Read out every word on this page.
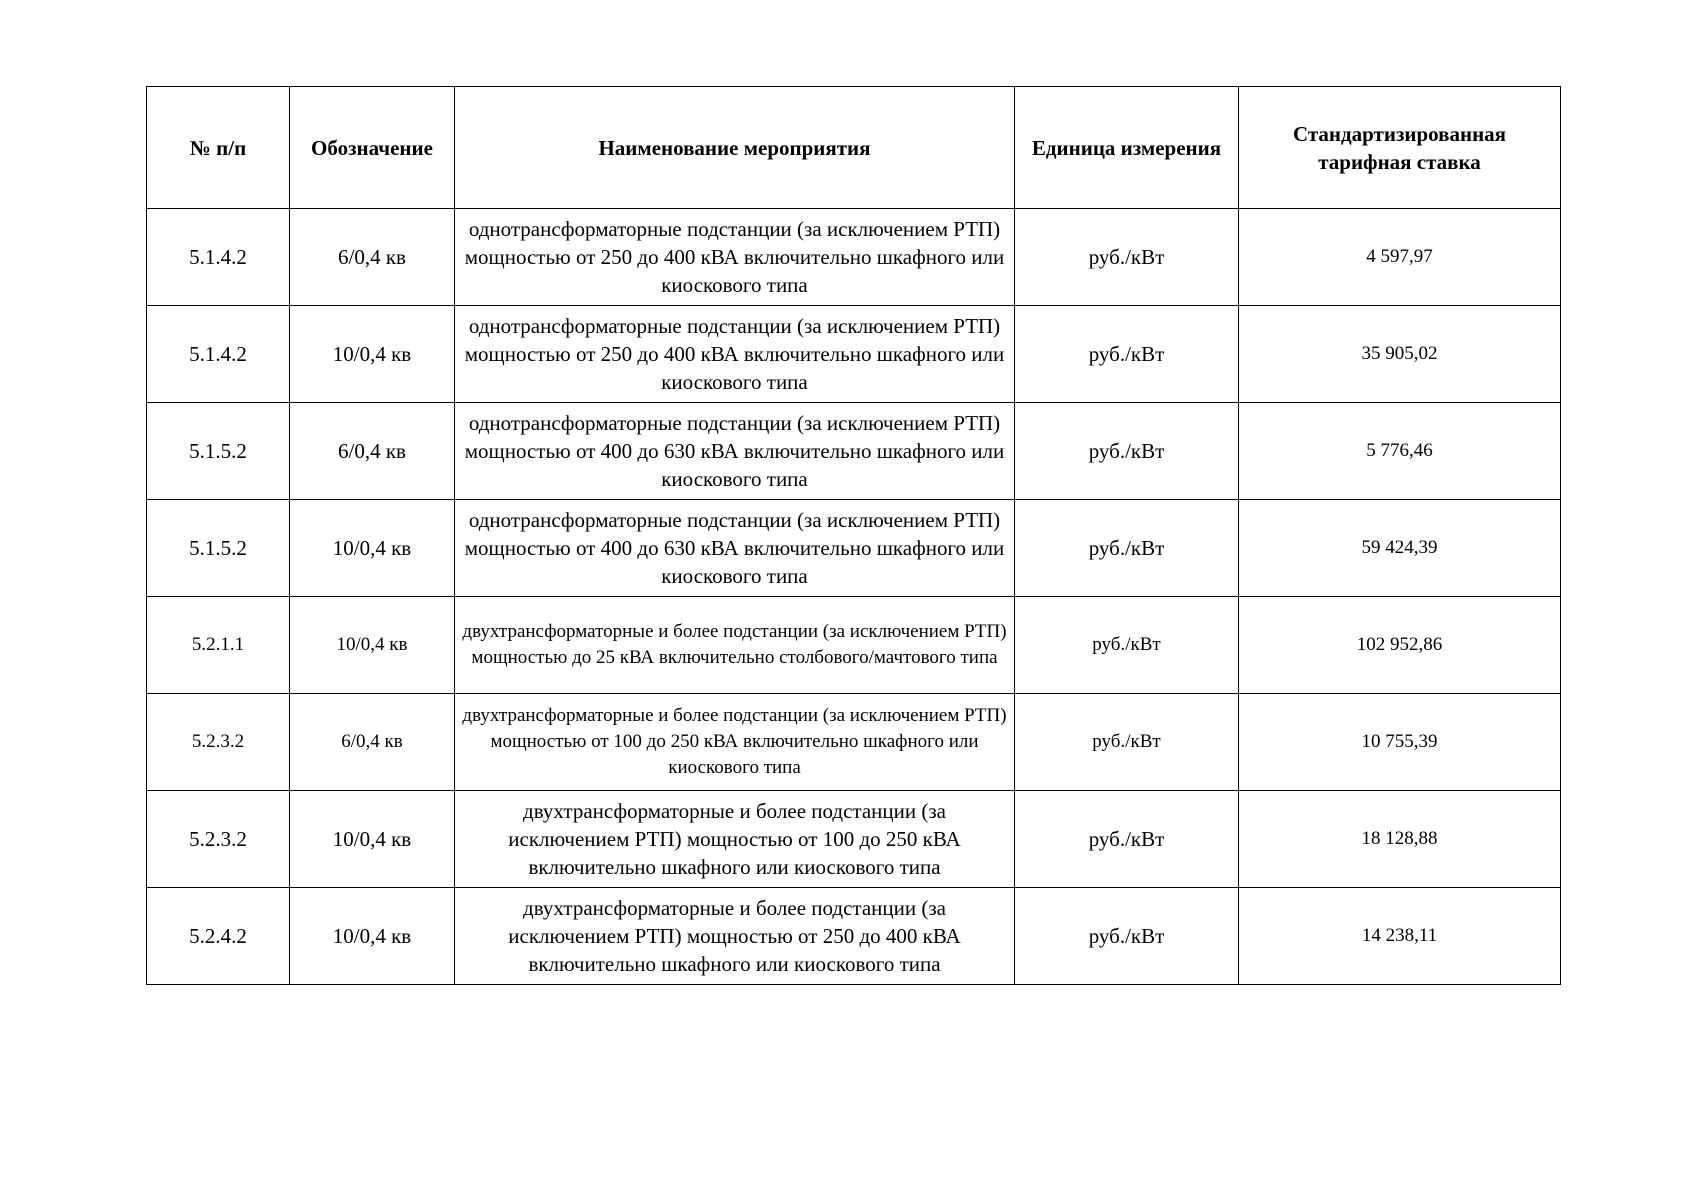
№ п/п	Обозначение	Наименование мероприятия	Единица измерения	Стандартизированная тарифная ставка
5.1.4.2	6/0,4 кв	однотрансформаторные подстанции (за исключением РТП) мощностью от 250 до 400 кВА включительно шкафного или киоскового типа	руб./кВт	4 597,97
5.1.4.2	10/0,4 кв	однотрансформаторные подстанции (за исключением РТП) мощностью от 250 до 400 кВА включительно шкафного или киоскового типа	руб./кВт	35 905,02
5.1.5.2	6/0,4 кв	однотрансформаторные подстанции (за исключением РТП) мощностью от 400 до 630 кВА включительно шкафного или киоскового типа	руб./кВт	5 776,46
5.1.5.2	10/0,4 кв	однотрансформаторные подстанции (за исключением РТП) мощностью от 400 до 630 кВА включительно шкафного или киоскового типа	руб./кВт	59 424,39
5.2.1.1	10/0,4 кв	двухтрансформаторные и более подстанции (за исключением РТП) мощностью до 25 кВА включительно столбового/мачтового типа	руб./кВт	102 952,86
5.2.3.2	6/0,4 кв	двухтрансформаторные и более подстанции (за исключением РТП) мощностью от 100 до 250 кВА включительно шкафного или киоскового типа	руб./кВт	10 755,39
5.2.3.2	10/0,4 кв	двухтрансформаторные и более подстанции (за исключением РТП) мощностью от 100 до 250 кВА включительно шкафного или киоскового типа	руб./кВт	18 128,88
5.2.4.2	10/0,4 кв	двухтрансформаторные и более подстанции (за исключением РТП) мощностью от 250 до 400 кВА включительно шкафного или киоскового типа	руб./кВт	14 238,11
